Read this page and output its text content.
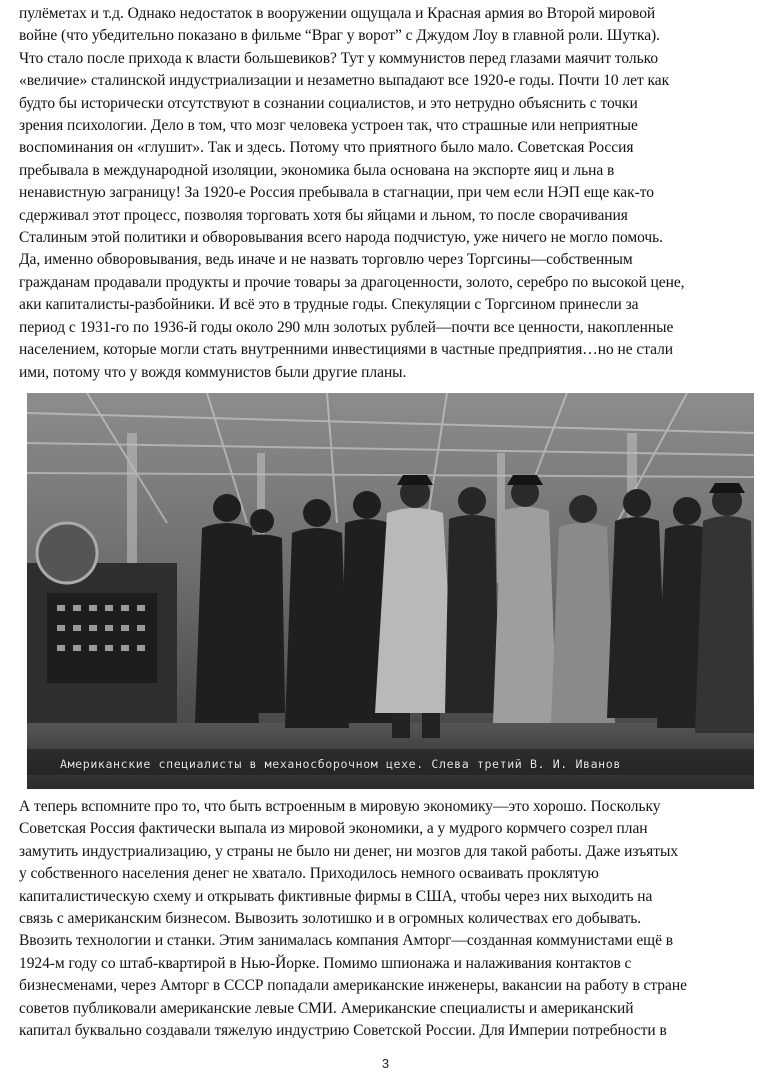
пулёметах и т.д. Однако недостаток в вооружении ощущала и Красная армия во Второй мировой
войне (что убедительно показано в фильме “Враг у ворот” с Джудом Лоу в главной роли. Шутка).
Что стало после прихода к власти большевиков? Тут у коммунистов перед глазами маячит только
«величие» сталинской индустриализации и незаметно выпадают все 1920-е годы. Почти 10 лет как
будто бы исторически отсутствуют в сознании социалистов, и это нетрудно объяснить с точки
зрения психологии. Дело в том, что мозг человека устроен так, что страшные или неприятные
воспоминания он «глушит». Так и здесь. Потому что приятного было мало. Советская Россия
пребывала в международной изоляции, экономика была основана на экспорте яиц и льна в
ненавистную заграницу! За 1920-е Россия пребывала в стагнации, при чем если НЭП еще как-то
сдерживал этот процесс, позволяя торговать хотя бы яйцами и льном, то после сворачивания
Сталиным этой политики и обворовывания всего народа подчистую, уже ничего не могло помочь.
Да, именно обворовывания, ведь иначе и не назвать торговлю через Торгсины—собственным
гражданам продавали продукты и прочие товары за драгоценности, золото, серебро по высокой цене,
аки капиталисты-разбойники. И всё это в трудные годы. Спекуляции с Торгсином принесли за
период с 1931-го по 1936-й годы около 290 млн золотых рублей—почти все ценности, накопленные
населением, которые могли стать внутренними инвестициями в частные предприятия…но не стали
ими, потому что у вождя коммунистов были другие планы.

Американские специалисты в механосборочном цехе. Слева третий В. И. Иванов

А теперь вспомните про то, что быть встроенным в мировую экономику—это хорошо. Поскольку
Советская Россия фактически выпала из мировой экономики, а у мудрого кормчего созрел план
замутить индустриализацию, у страны не было ни денег, ни мозгов для такой работы. Даже изъятых
у собственного населения денег не хватало. Приходилось немного осваивать проклятую
капиталистическую схему и открывать фиктивные фирмы в США, чтобы через них выходить на
связь с американским бизнесом. Вывозить золотишко и в огромных количествах его добывать.
Ввозить технологии и станки. Этим занималась компания Амторг—созданная коммунистами ещё в
1924-м году со штаб-квартирой в Нью-Йорке. Помимо шпионажа и налаживания контактов с
бизнесменами, через Амторг в СССР попадали американские инженеры, вакансии на работу в стране
советов публиковали американские левые СМИ. Американские специалисты и американский
капитал буквально создавали тяжелую индустрию Советской России. Для Империи потребности в

3
